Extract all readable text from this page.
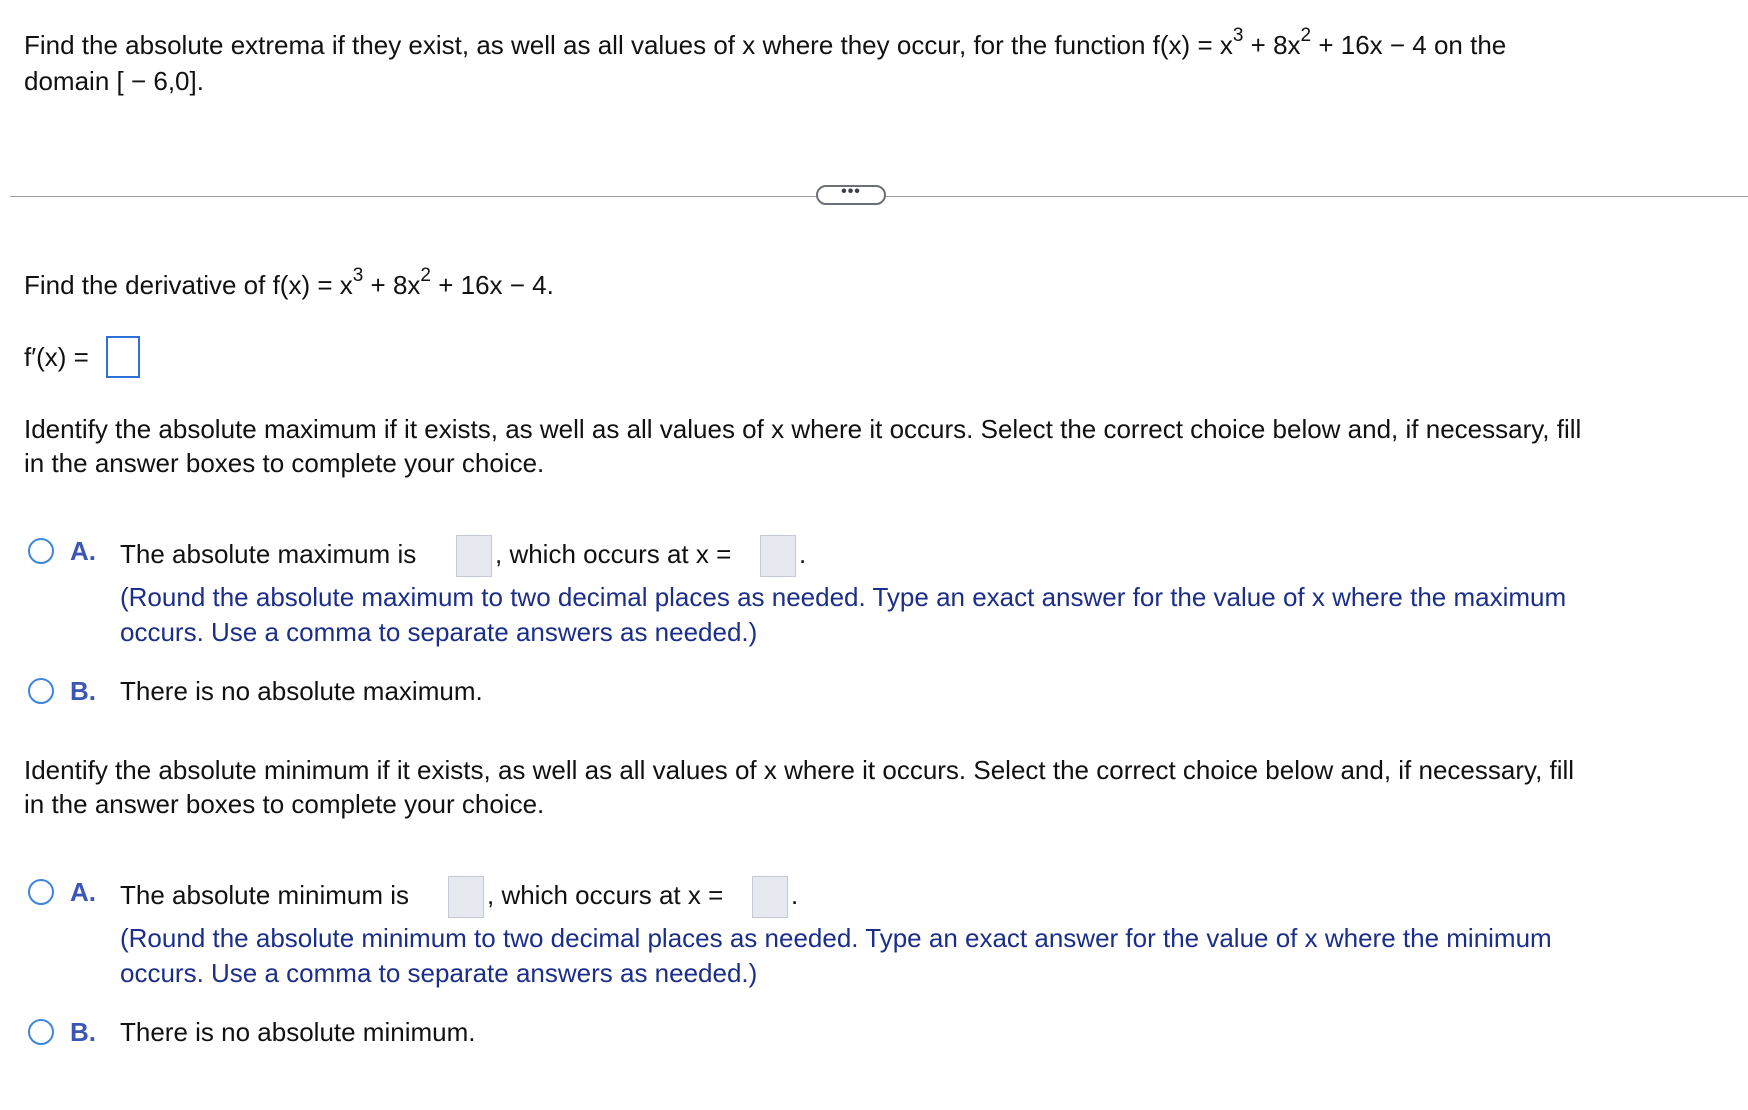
Find the absolute extrema if they exist, as well as all values of x where they occur, for the function $f(x) = x^3 + 8x^2 + 16x - 4$ on the
domain [ − 6,0].
•••
Find the derivative of $f(x) = x^3 + 8x^2 + 16x - 4$.
f′(x) =
Identify the absolute maximum if it exists, as well as all values of x where it occurs. Select the correct choice below and, if necessary, fill
in the answer boxes to complete your choice.
A. The absolute maximum is	, which occurs at x =	.
(Round the absolute maximum to two decimal places as needed. Type an exact answer for the value of x where the maximum
occurs. Use a comma to separate answers as needed.)
B. There is no absolute maximum.
Identify the absolute minimum if it exists, as well as all values of x where it occurs. Select the correct choice below and, if necessary, fill
in the answer boxes to complete your choice.
A. The absolute minimum is	, which occurs at x =	.
(Round the absolute minimum to two decimal places as needed. Type an exact answer for the value of x where the minimum
occurs. Use a comma to separate answers as needed.)
B. There is no absolute minimum.
